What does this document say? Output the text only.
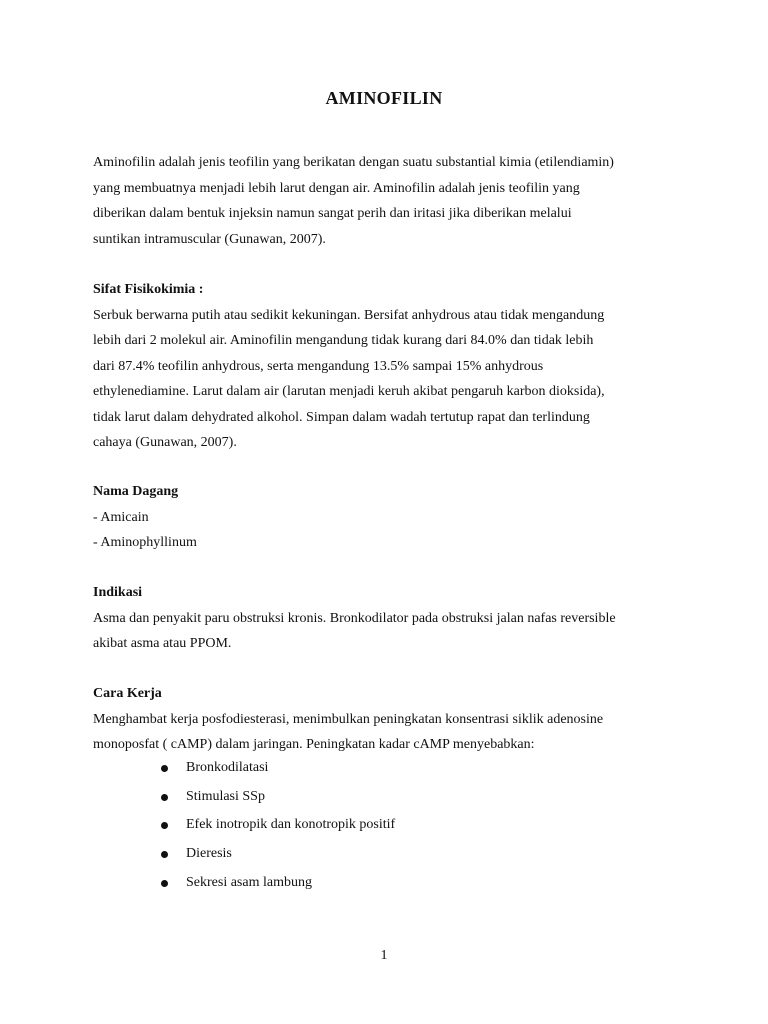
AMINOFILIN
Aminofilin adalah jenis teofilin yang berikatan dengan suatu substantial kimia (etilendiamin)
yang membuatnya menjadi lebih larut dengan air. Aminofilin adalah jenis teofilin yang
diberikan dalam bentuk injeksin namun sangat perih dan iritasi jika diberikan melalui
suntikan intramuscular (Gunawan, 2007).
Sifat Fisikokimia :
Serbuk berwarna putih atau sedikit kekuningan. Bersifat anhydrous atau tidak mengandung
lebih dari 2 molekul air. Aminofilin mengandung tidak kurang dari 84.0% dan tidak lebih
dari 87.4% teofilin anhydrous, serta mengandung 13.5% sampai 15% anhydrous
ethylenediamine. Larut dalam air (larutan menjadi keruh akibat pengaruh karbon dioksida),
tidak larut dalam dehydrated alkohol. Simpan dalam wadah tertutup rapat dan terlindung
cahaya (Gunawan, 2007).
Nama Dagang
- Amicain
- Aminophyllinum
Indikasi
Asma dan penyakit paru obstruksi kronis. Bronkodilator pada obstruksi jalan nafas reversible
akibat asma atau PPOM.
Cara Kerja
Menghambat kerja posfodiesterasi, menimbulkan peningkatan konsentrasi siklik adenosine
monoposfat ( cAMP) dalam jaringan. Peningkatan kadar cAMP menyebabkan:
Bronkodilatasi
Stimulasi SSp
Efek inotropik dan konotropik positif
Dieresis
Sekresi asam lambung
1
